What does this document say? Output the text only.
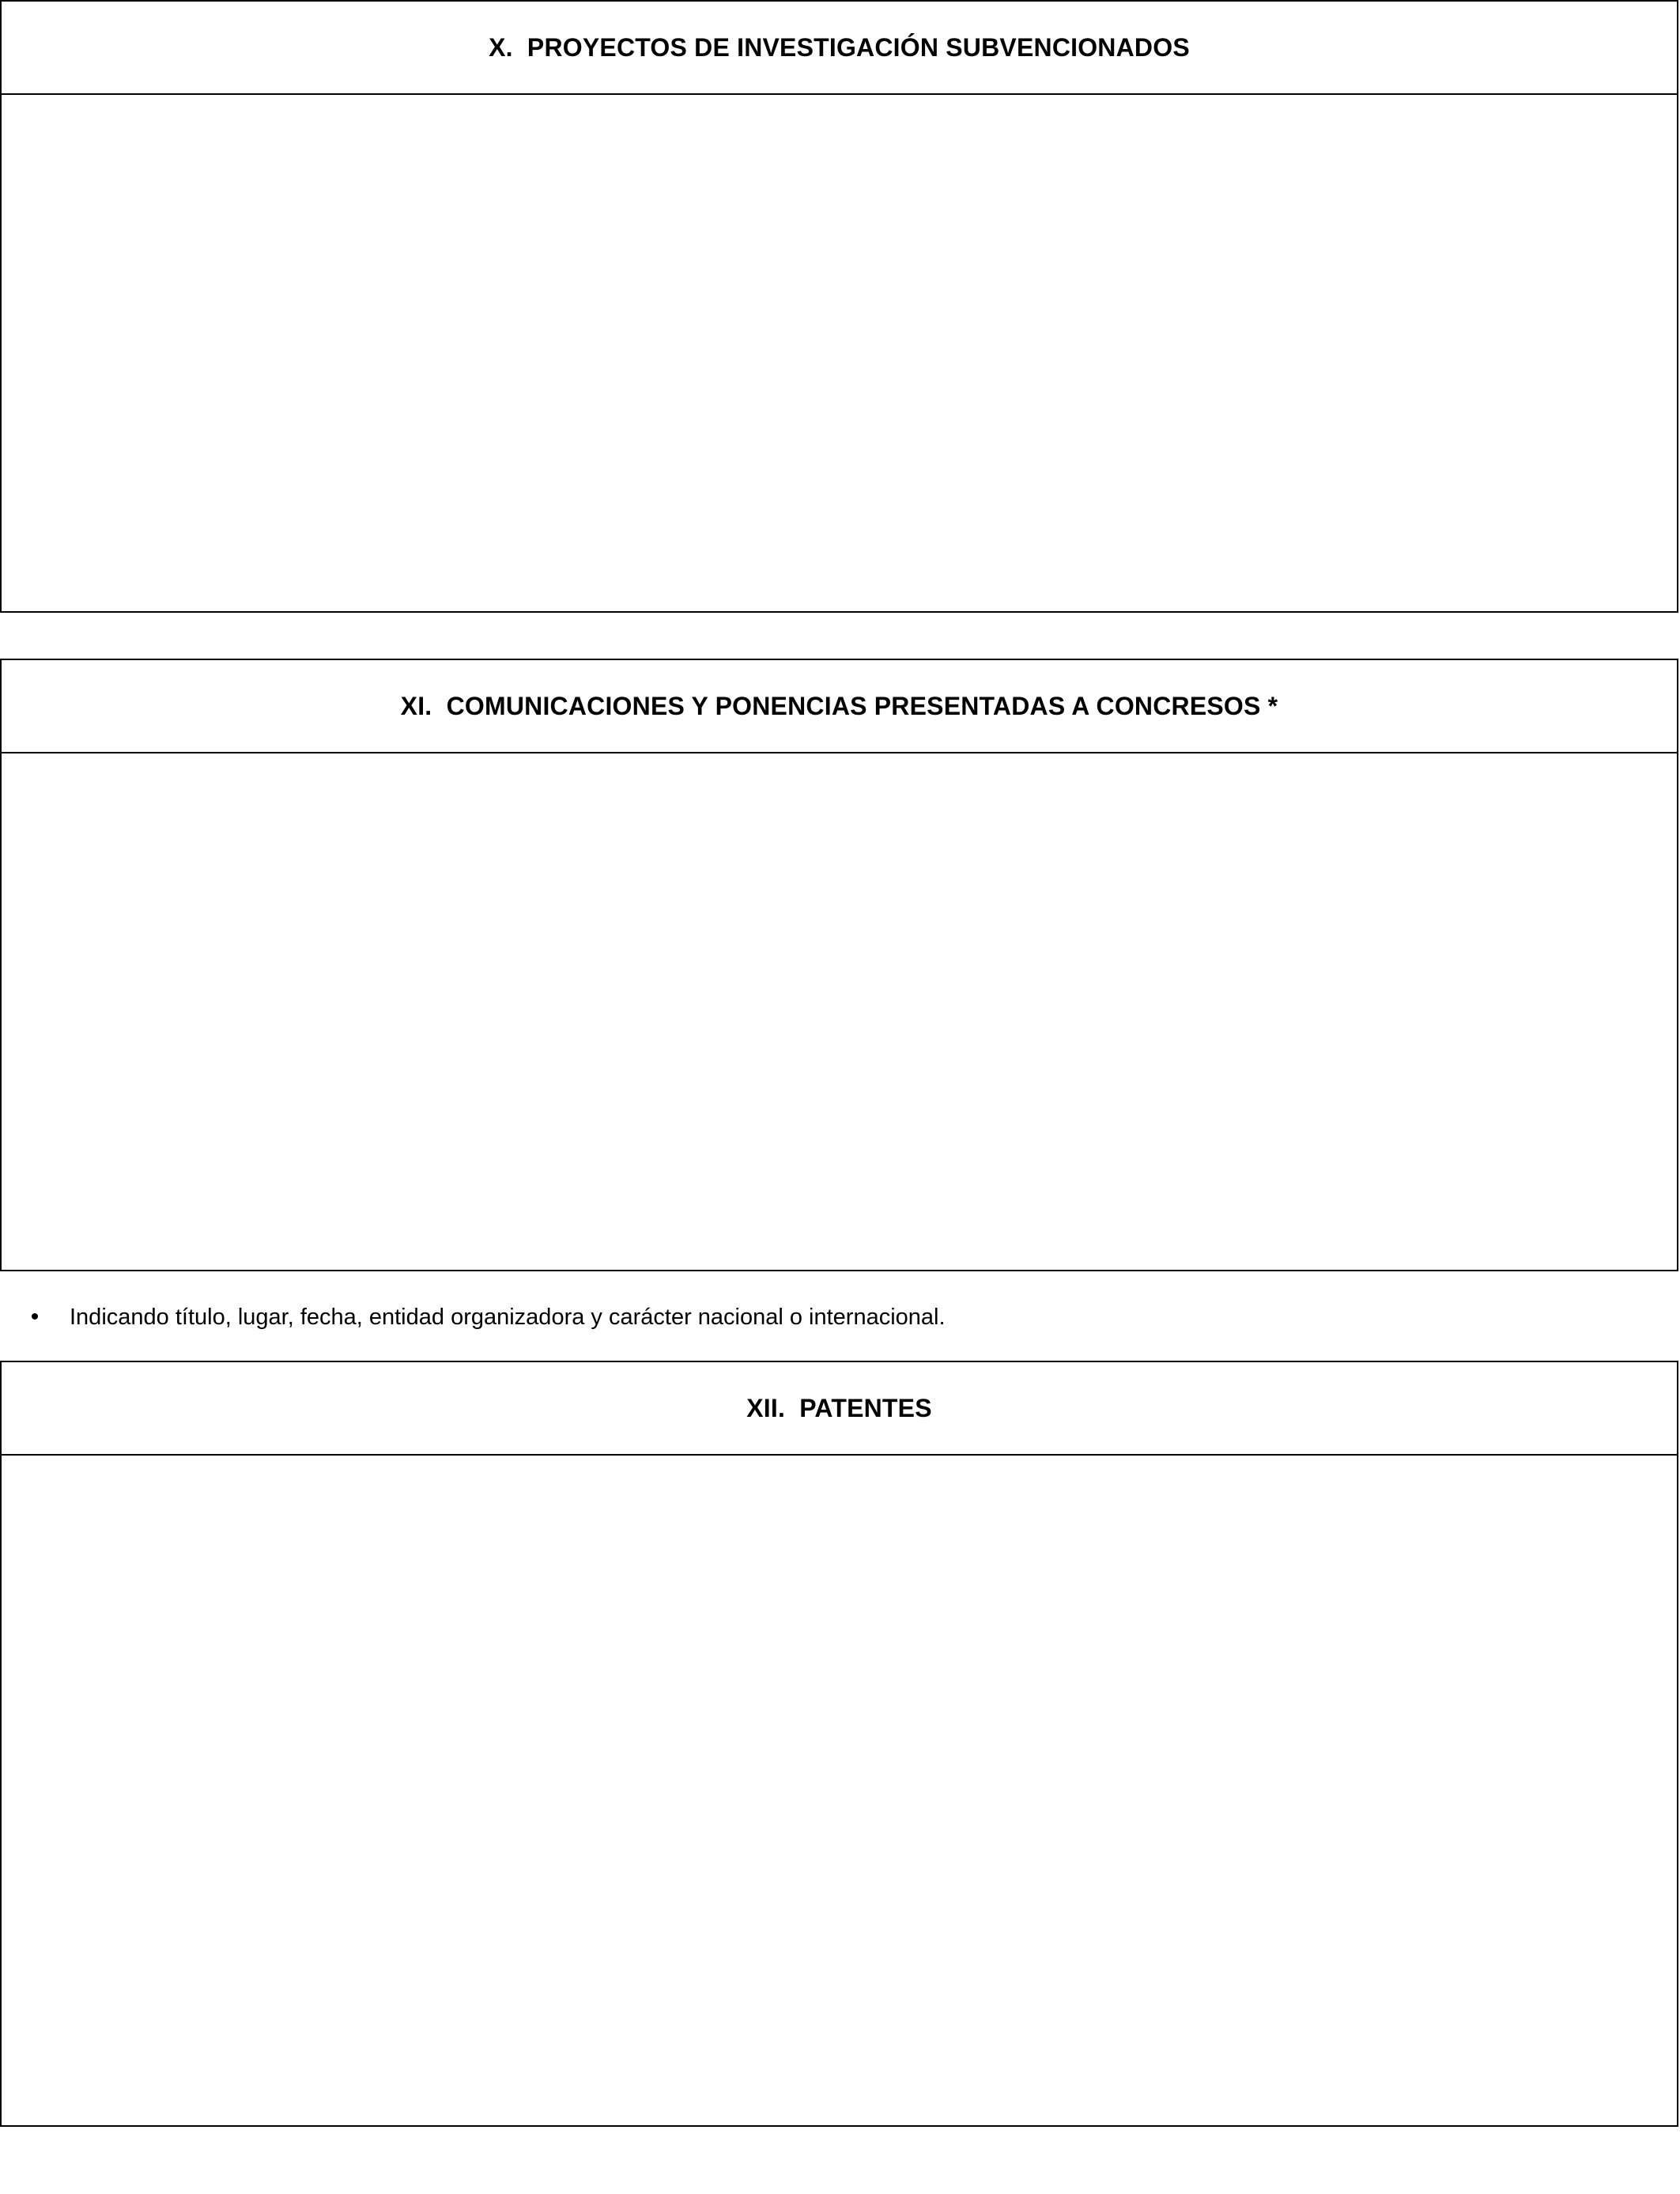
X.  PROYECTOS DE INVESTIGACIÓN SUBVENCIONADOS
XI.  COMUNICACIONES Y PONENCIAS PRESENTADAS A CONCRESOS *
•	Indicando título, lugar, fecha, entidad organizadora y carácter nacional o internacional.
XII.  PATENTES
